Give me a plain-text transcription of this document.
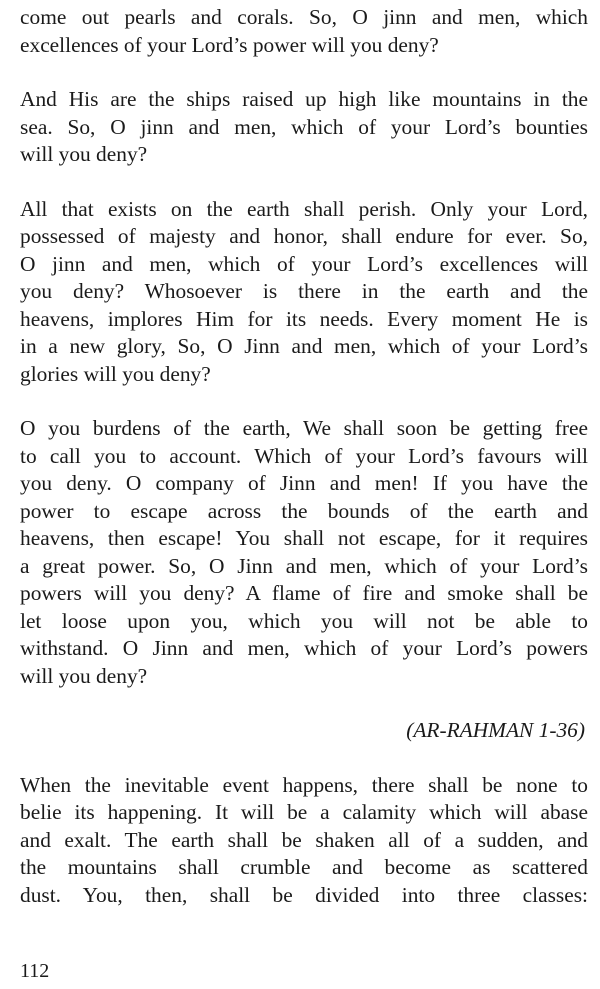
come out pearls and corals. So, O jinn and men, which
excellences of your Lord’s power will you deny?

And His are the ships raised up high like mountains in the
sea. So, O jinn and men, which of your Lord’s bounties
will you deny?

All that exists on the earth shall perish. Only your Lord,
possessed of majesty and honor, shall endure for ever. So,
O jinn and men, which of your Lord’s excellences will
you deny? Whosoever is there in the earth and the
heavens, implores Him for its needs. Every moment He is
in a new glory, So, O Jinn and men, which of your Lord’s
glories will you deny?

O you burdens of the earth, We shall soon be getting free
to call you to account. Which of your Lord’s favours will
you deny. O company of Jinn and men! If you have the
power to escape across the bounds of the earth and
heavens, then escape! You shall not escape, for it requires
a great power. So, O Jinn and men, which of your Lord’s
powers will you deny? A flame of fire and smoke shall be
let loose upon you, which you will not be able to
withstand. O Jinn and men, which of your Lord’s powers
will you deny?

(AR-RAHMAN 1-36)

When the inevitable event happens, there shall be none to
belie its happening. It will be a calamity which will abase
and exalt. The earth shall be shaken all of a sudden, and
the mountains shall crumble and become as scattered
dust. You, then, shall be divided into three classes:

112
